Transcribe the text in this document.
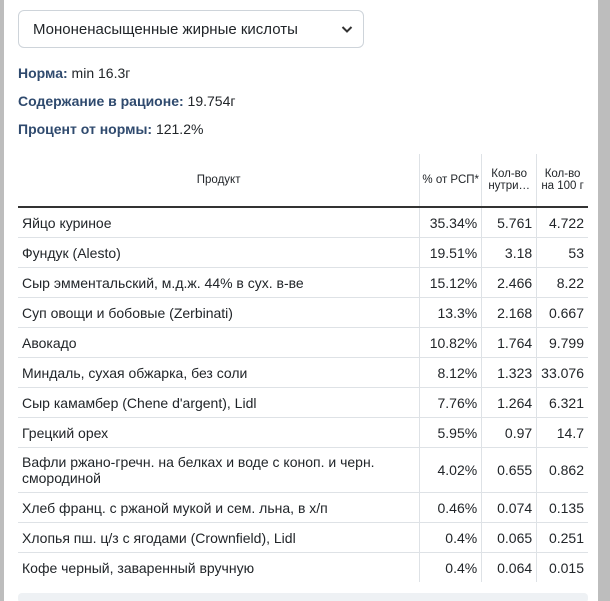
Мононенасыщенные жирные кислоты
Норма: min 16.3г
Содержание в рационе: 19.754г
Процент от нормы: 121.2%
Продукт	% от РСП*	Кол-во нутри…	Кол-во на 100 г
Яйцо куриное	35.34%	5.761	4.722
Фундук (Alesto)	19.51%	3.18	53
Сыр эмментальский, м.д.ж. 44% в сух. в-ве	15.12%	2.466	8.22
Суп овощи и бобовые (Zerbinati)	13.3%	2.168	0.667
Авокадо	10.82%	1.764	9.799
Миндаль, сухая обжарка, без соли	8.12%	1.323	33.076
Сыр камамбер (Chene d'argent), Lidl	7.76%	1.264	6.321
Грецкий орех	5.95%	0.97	14.7
Вафли ржано-гречн. на белках и воде с коноп. и черн. смородиной	4.02%	0.655	0.862
Хлеб франц. с ржаной мукой и сем. льна, в х/п	0.46%	0.074	0.135
Хлопья пш. ц/з с ягодами (Crownfield), Lidl	0.4%	0.065	0.251
Кофе черный, заваренный вручную	0.4%	0.064	0.015
